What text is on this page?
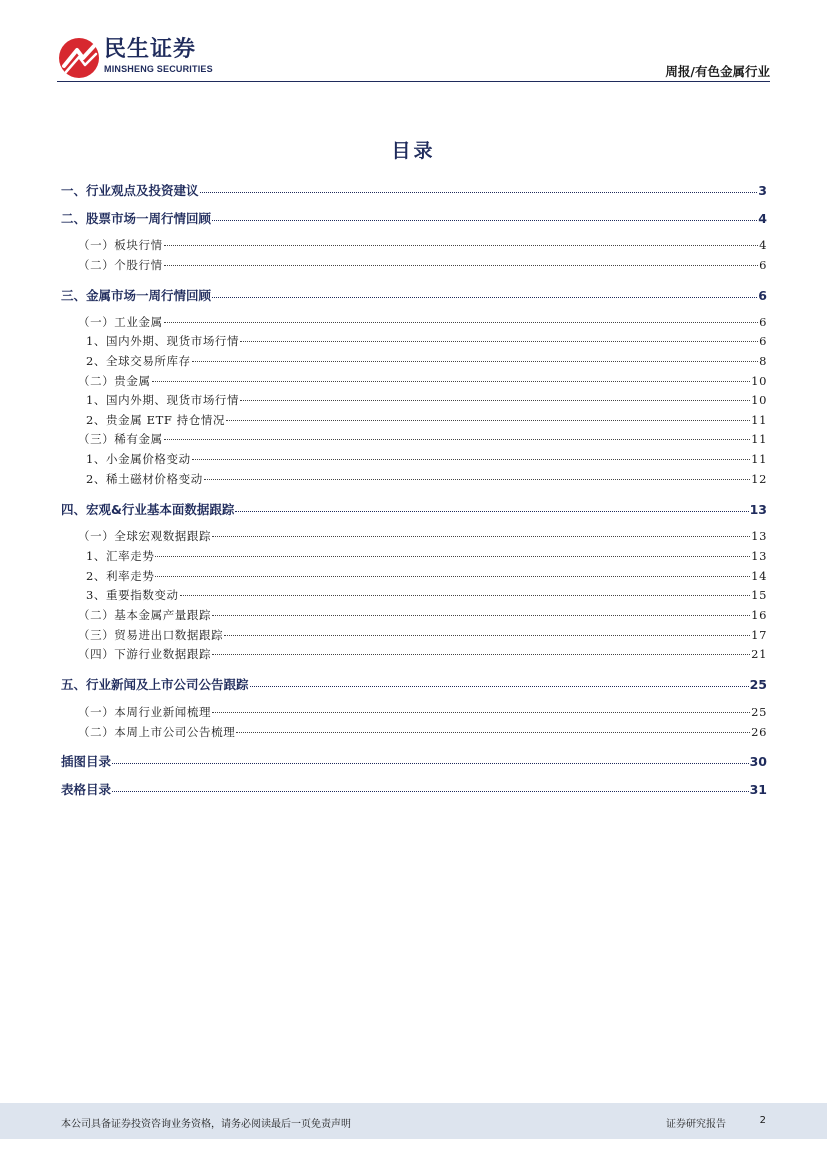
民生证券
MINSHENG SECURITIES	周报/有色金属行业
目录
一、行业观点及投资建议	3
二、股票市场一周行情回顾	4
（一）板块行情	4
（二）个股行情	6
三、金属市场一周行情回顾	6
（一）工业金属	6
1、国内外期、现货市场行情	6
2、全球交易所库存	8
（二）贵金属	10
1、国内外期、现货市场行情	10
2、贵金属 ETF 持仓情况	11
（三）稀有金属	11
1、小金属价格变动	11
2、稀土磁材价格变动	12
四、宏观&行业基本面数据跟踪	13
（一）全球宏观数据跟踪	13
1、汇率走势	13
2、利率走势	14
3、重要指数变动	15
（二）基本金属产量跟踪	16
（三）贸易进出口数据跟踪	17
（四）下游行业数据跟踪	21
五、行业新闻及上市公司公告跟踪	25
（一）本周行业新闻梳理	25
（二）本周上市公司公告梳理	26
插图目录	30
表格目录	31
本公司具备证券投资咨询业务资格，请务必阅读最后一页免责声明	证券研究报告	2
